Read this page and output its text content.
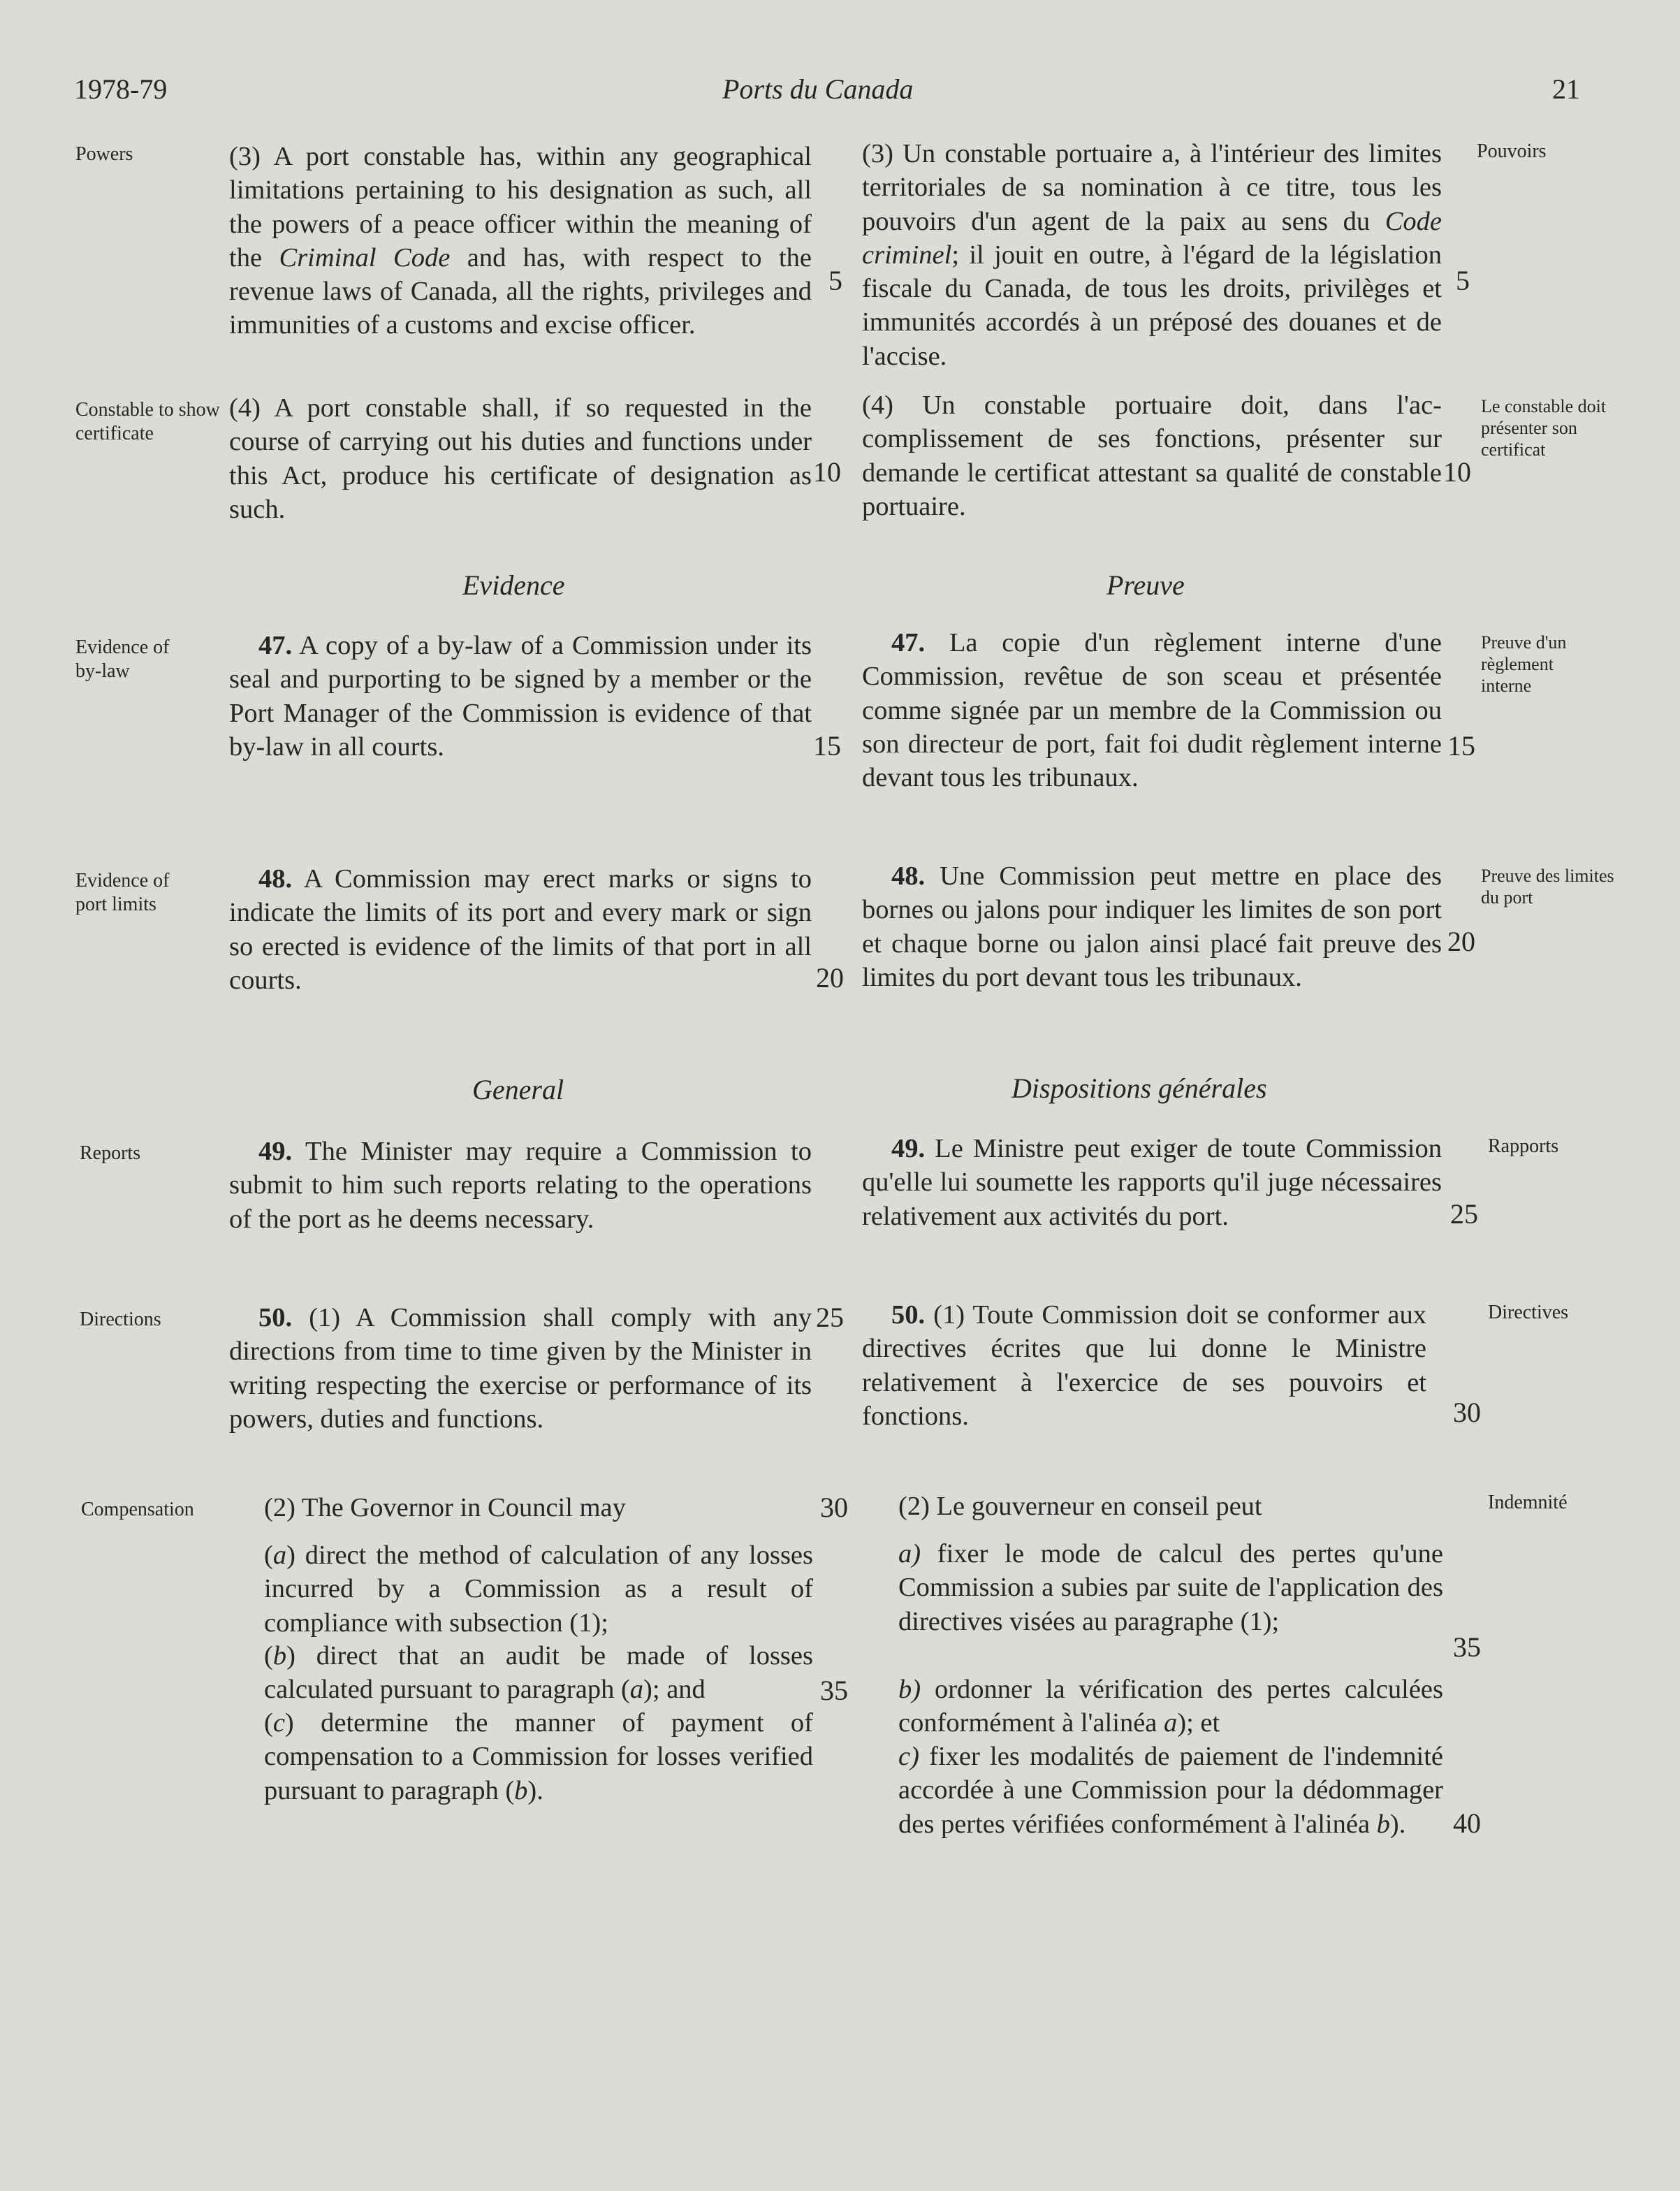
1978-79	Ports du Canada	21
Powers
Constable to show certificate
Evidence of by-law
Evidence of port limits
Reports
Directions
Compensation
Pouvoirs
Le constable doit présenter son certificat
Preuve d'un règlement interne
Preuve des limites du port
Rapports
Directives
Indemnité
(3) A port constable has, within any geographical limitations pertaining to his designation as such, all the powers of a peace officer within the meaning of the Criminal Code and has, with respect to the revenue laws of Canada, all the rights, privileges and immunities of a customs and excise officer.
(4) A port constable shall, if so requested in the course of carrying out his duties and functions under this Act, produce his certificate of designation as such.
Evidence
47. A copy of a by-law of a Commission under its seal and purporting to be signed by a member or the Port Manager of the Commission is evidence of that by-law in all courts.
48. A Commission may erect marks or signs to indicate the limits of its port and every mark or sign so erected is evidence of the limits of that port in all courts.
General
49. The Minister may require a Commission to submit to him such reports relating to the operations of the port as he deems necessary.
50. (1) A Commission shall comply with any directions from time to time given by the Minister in writing respecting the exercise or performance of its powers, duties and functions.
(2) The Governor in Council may
(a) direct the method of calculation of any losses incurred by a Commission as a result of compliance with subsection (1);
(b) direct that an audit be made of losses calculated pursuant to paragraph (a); and
(c) determine the manner of payment of compensation to a Commission for losses verified pursuant to paragraph (b).
5
10
15
20
25
30
35
(3) Un constable portuaire a, à l'intérieur des limites territoriales de sa nomination à ce titre, tous les pouvoirs d'un agent de la paix au sens du Code criminel; il jouit en outre, à l'égard de la législation fiscale du Canada, de tous les droits, privilèges et immunités accordés à un préposé des douanes et de l'accise.
(4) Un constable portuaire doit, dans l'accomplissement de ses fonctions, présenter sur demande le certificat attestant sa qualité de constable portuaire.
Preuve
47. La copie d'un règlement interne d'une Commission, revêtue de son sceau et présentée comme signée par un membre de la Commission ou son directeur de port, fait foi dudit règlement interne devant tous les tribunaux.
48. Une Commission peut mettre en place des bornes ou jalons pour indiquer les limites de son port et chaque borne ou jalon ainsi placé fait preuve des limites du port devant tous les tribunaux.
Dispositions générales
49. Le Ministre peut exiger de toute Commission qu'elle lui soumette les rapports qu'il juge nécessaires relativement aux activités du port.
50. (1) Toute Commission doit se conformer aux directives écrites que lui donne le Ministre relativement à l'exercice de ses pouvoirs et fonctions.
(2) Le gouverneur en conseil peut
a) fixer le mode de calcul des pertes qu'une Commission a subies par suite de l'application des directives visées au paragraphe (1);
b) ordonner la vérification des pertes calculées conformément à l'alinéa a); et
c) fixer les modalités de paiement de l'indemnité accordée à une Commission pour la dédommager des pertes vérifiées conformément à l'alinéa b).
5
10
15
20
25
30
35
40
